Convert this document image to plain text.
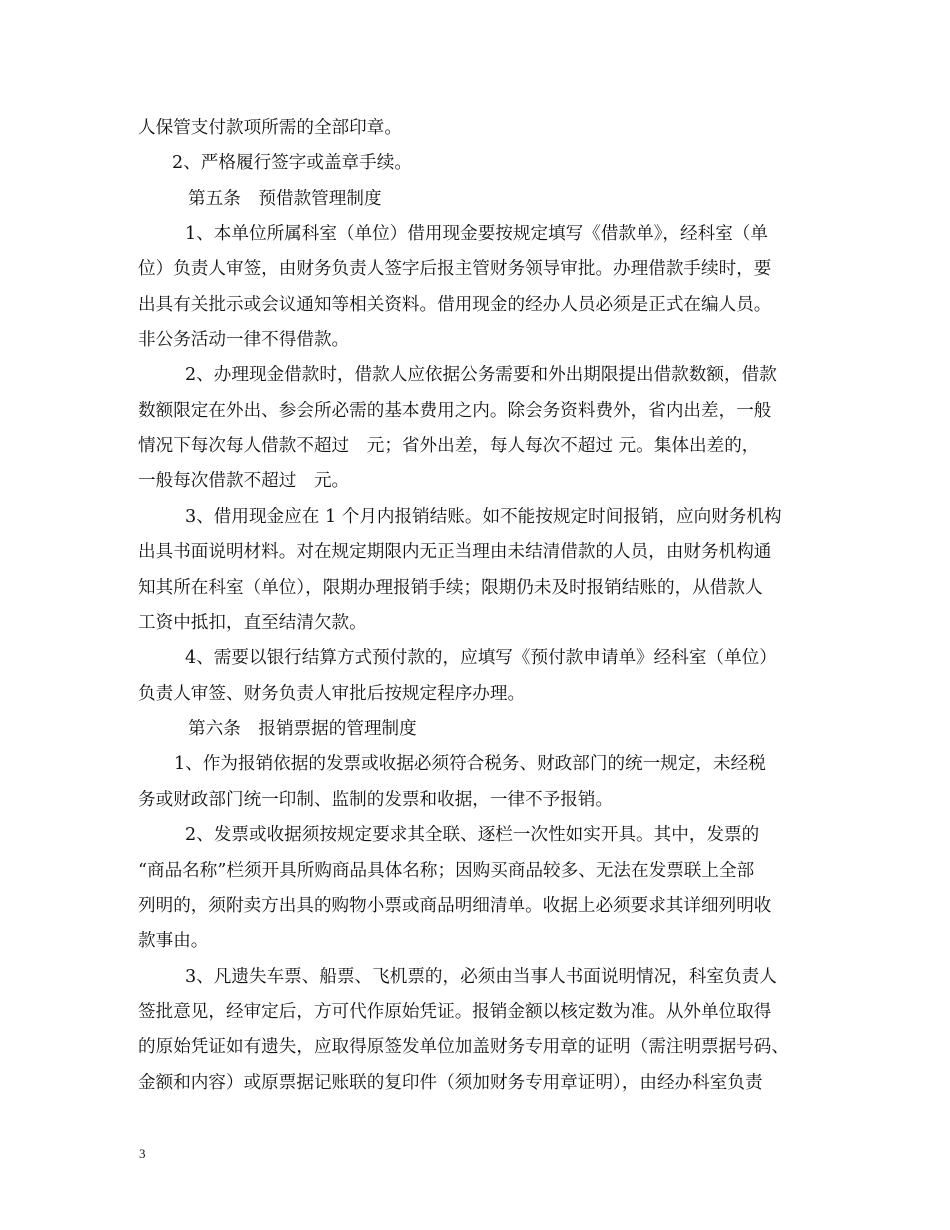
人保管支付款项所需的全部印章。
2、严格履行签字或盖章手续。
第五条　预借款管理制度
1、本单位所属科室（单位）借用现金要按规定填写《借款单》，经科室（单
位）负责人审签，由财务负责人签字后报主管财务领导审批。办理借款手续时，要
出具有关批示或会议通知等相关资料。借用现金的经办人员必须是正式在编人员。
非公务活动一律不得借款。
2、办理现金借款时，借款人应依据公务需要和外出期限提出借款数额，借款
数额限定在外出、参会所必需的基本费用之内。除会务资料费外，省内出差，一般
情况下每次每人借款不超过　元；省外出差，每人每次不超过 元。集体出差的，
一般每次借款不超过　元。
3、借用现金应在 1 个月内报销结账。如不能按规定时间报销，应向财务机构
出具书面说明材料。对在规定期限内无正当理由未结清借款的人员，由财务机构通
知其所在科室（单位），限期办理报销手续；限期仍未及时报销结账的，从借款人
工资中抵扣，直至结清欠款。
4、需要以银行结算方式预付款的，应填写《预付款申请单》经科室（单位）
负责人审签、财务负责人审批后按规定程序办理。
第六条　报销票据的管理制度
1、作为报销依据的发票或收据必须符合税务、财政部门的统一规定，未经税
务或财政部门统一印制、监制的发票和收据，一律不予报销。
2、发票或收据须按规定要求其全联、逐栏一次性如实开具。其中，发票的
“商品名称”栏须开具所购商品具体名称；因购买商品较多、无法在发票联上全部
列明的，须附卖方出具的购物小票或商品明细清单。收据上必须要求其详细列明收
款事由。
3、凡遗失车票、船票、飞机票的，必须由当事人书面说明情况，科室负责人
签批意见，经审定后，方可代作原始凭证。报销金额以核定数为准。从外单位取得
的原始凭证如有遗失，应取得原签发单位加盖财务专用章的证明（需注明票据号码、
金额和内容）或原票据记账联的复印件（须加财务专用章证明），由经办科室负责
3
